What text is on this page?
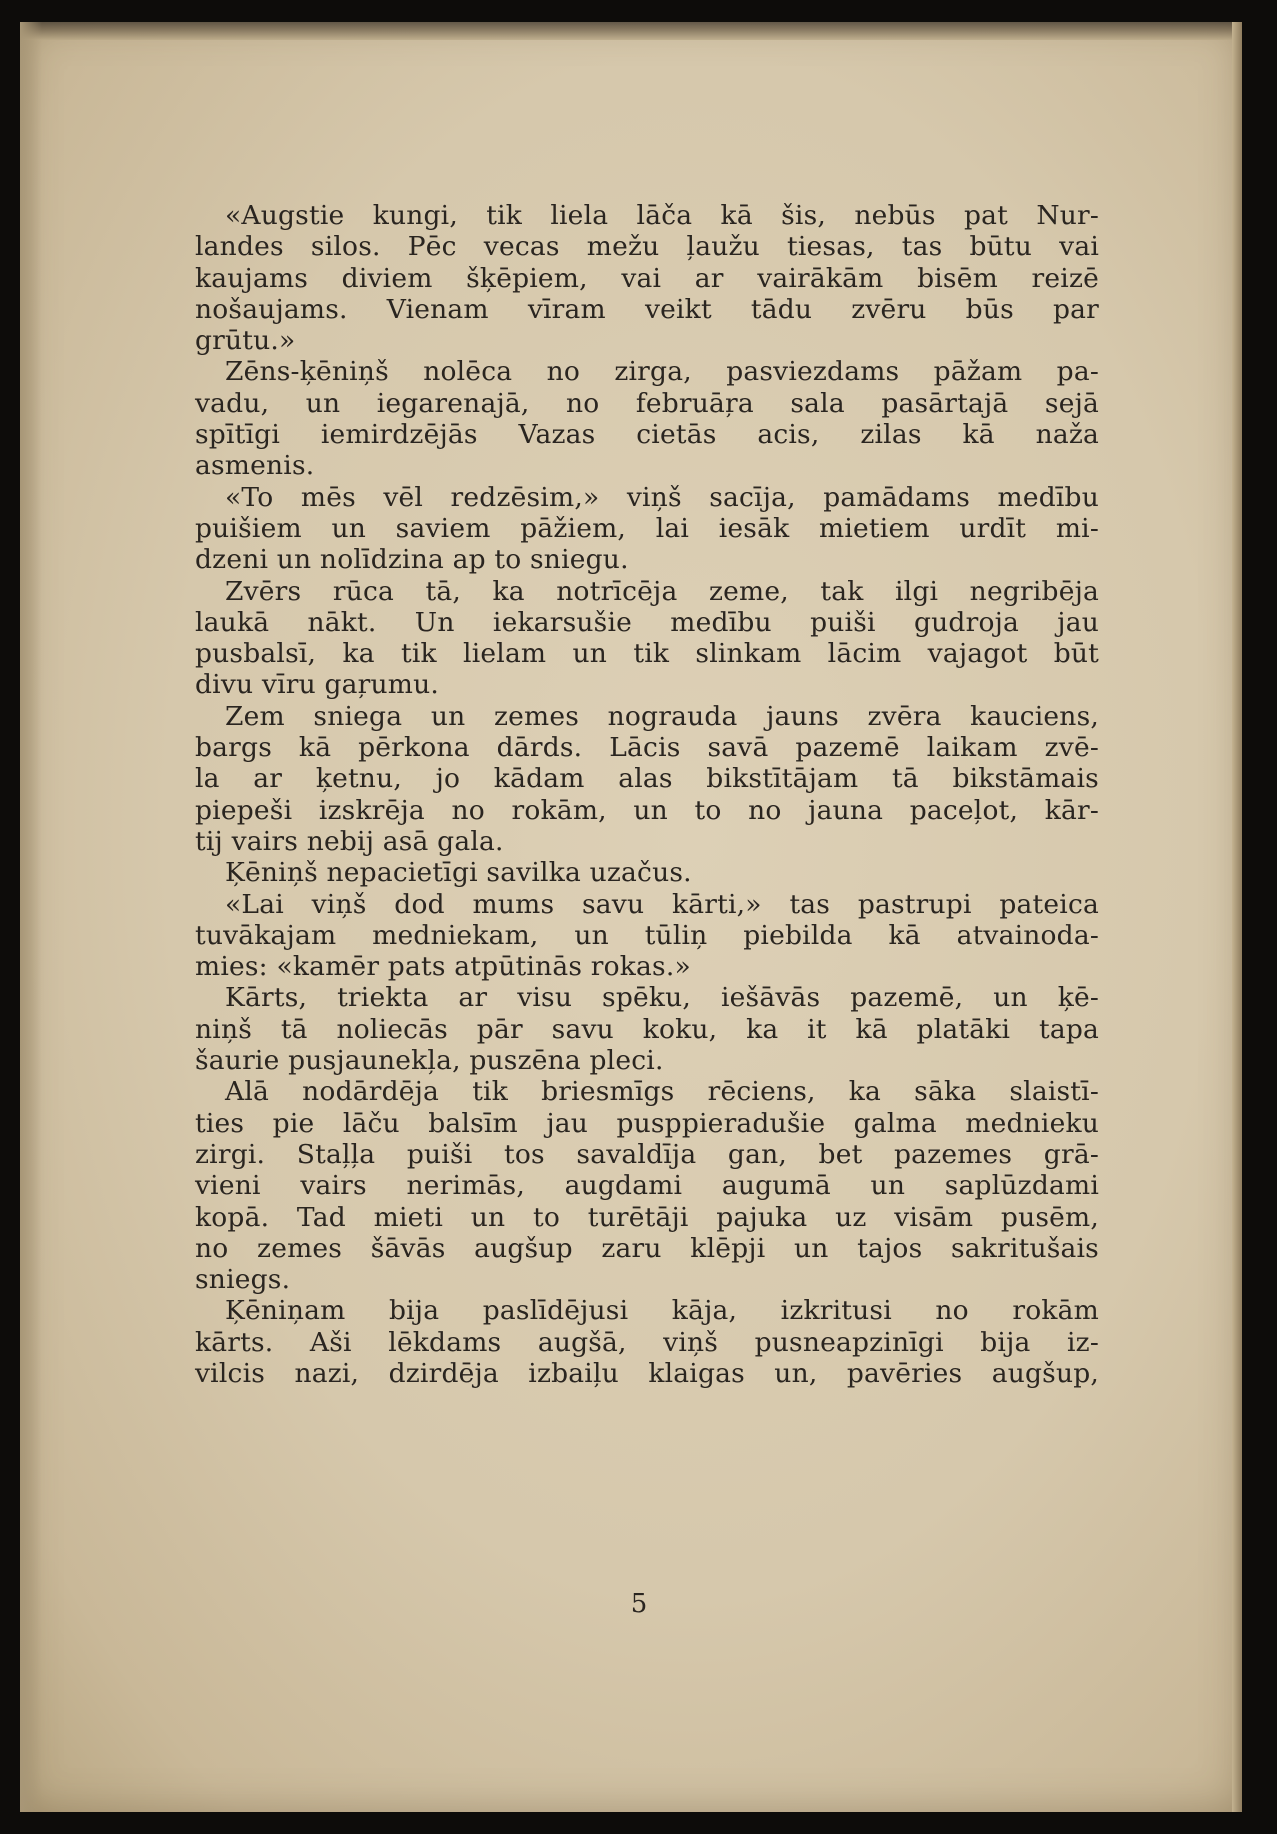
«Augstie kungi, tik liela lāča kā šis, nebūs pat Nur-
landes silos. Pēc vecas mežu ļaužu tiesas, tas būtu vai
kaujams diviem šķēpiem, vai ar vairākām bisēm reizē
nošaujams. Vienam vīram veikt tādu zvēru būs par
grūtu.»
Zēns-ķēniņš nolēca no zirga, pasviezdams pāžam pa-
vadu, un iegarenajā, no februāŗa sala pasārtajā sejā
spītīgi iemirdzējās Vazas cietās acis, zilas kā naža
asmenis.
«To mēs vēl redzēsim,» viņš sacīja, pamādams medību
puišiem un saviem pāžiem, lai iesāk mietiem urdīt mi-
dzeni un nolīdzina ap to sniegu.
Zvērs rūca tā, ka notrīcēja zeme, tak ilgi negribēja
laukā nākt. Un iekarsušie medību puiši gudroja jau
pusbalsī, ka tik lielam un tik slinkam lācim vajagot būt
divu vīru gaŗumu.
Zem sniega un zemes nograuda jauns zvēra kauciens,
bargs kā pērkona dārds. Lācis savā pazemē laikam zvē-
la ar ķetnu, jo kādam alas bikstītājam tā bikstāmais
piepeši izskrēja no rokām, un to no jauna paceļot, kār-
tij vairs nebij asā gala.
Ķēniņš nepacietīgi savilka uzačus.
«Lai viņš dod mums savu kārti,» tas pastrupi pateica
tuvākajam medniekam, un tūliņ piebilda kā atvainoda-
mies: «kamēr pats atpūtinās rokas.»
Kārts, triekta ar visu spēku, iešāvās pazemē, un ķē-
niņš tā noliecās pār savu koku, ka it kā platāki tapa
šaurie pusjaunekļa, puszēna pleci.
Alā nodārdēja tik briesmīgs rēciens, ka sāka slaistī-
ties pie lāču balsīm jau pusppieradušie galma mednieku
zirgi. Staļļa puiši tos savaldīja gan, bet pazemes grā-
vieni vairs nerimās, augdami augumā un saplūzdami
kopā. Tad mieti un to turētāji pajuka uz visām pusēm,
no zemes šāvās augšup zaru klēpji un tajos sakritušais
sniegs.
Ķēniņam bija paslīdējusi kāja, izkritusi no rokām
kārts. Aši lēkdams augšā, viņš pusneapzinīgi bija iz-
vilcis nazi, dzirdēja izbaiļu klaigas un, pavēries augšup,
5
